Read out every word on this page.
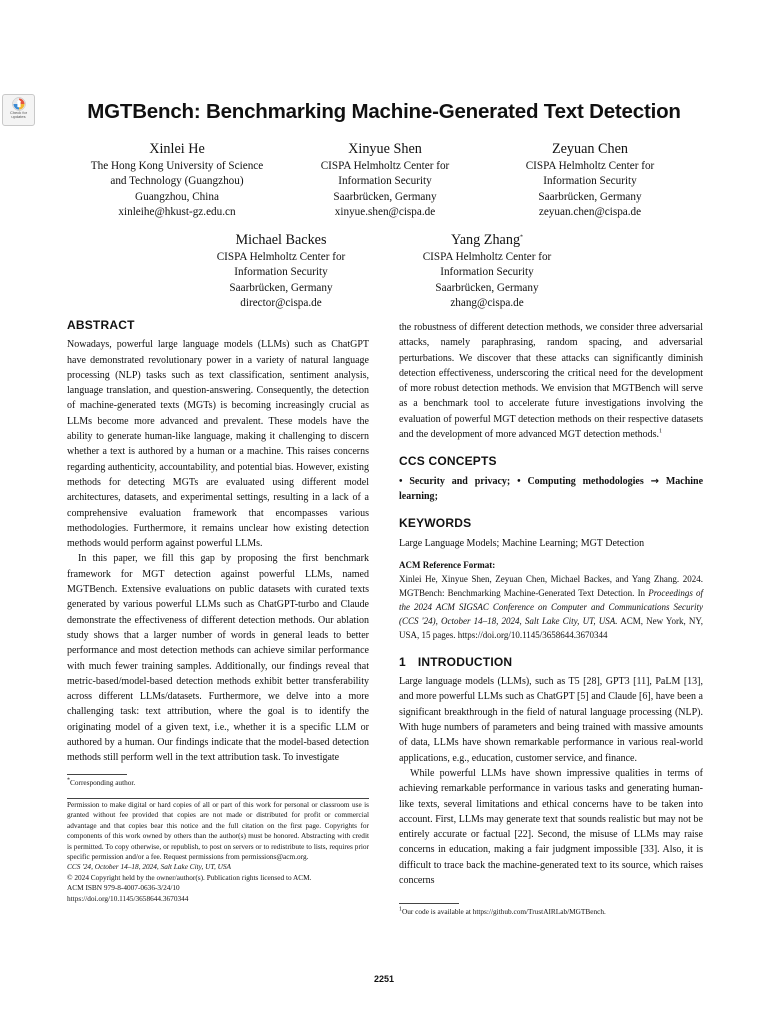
Check for
updates	MGTBench: Benchmarking Machine-Generated Text Detection
Xinlei He
The Hong Kong University of Science
and Technology (Guangzhou)
Guangzhou, China
xinleihe@hkust-gz.edu.cn
Xinyue Shen
CISPA Helmholtz Center for
Information Security
Saarbrücken, Germany
xinyue.shen@cispa.de
Zeyuan Chen
CISPA Helmholtz Center for
Information Security
Saarbrücken, Germany
zeyuan.chen@cispa.de
Michael Backes
CISPA Helmholtz Center for
Information Security
Saarbrücken, Germany
director@cispa.de
Yang Zhang*
CISPA Helmholtz Center for
Information Security
Saarbrücken, Germany
zhang@cispa.de
ABSTRACT

Nowadays, powerful large language models (LLMs) such as ChatGPT have demonstrated revolutionary power in a variety of natural language processing (NLP) tasks such as text classification, sentiment analysis, language translation, and question-answering. Consequently, the detection of machine-generated texts (MGTs) is becoming increasingly crucial as LLMs become more advanced and prevalent. These models have the ability to generate human-like language, making it challenging to discern whether a text is authored by a human or a machine. This raises concerns regarding authenticity, accountability, and potential bias. However, existing methods for detecting MGTs are evaluated using different model architectures, datasets, and experimental settings, resulting in a lack of a comprehensive evaluation framework that encompasses various methodologies. Furthermore, it remains unclear how existing detection methods would perform against powerful LLMs.

In this paper, we fill this gap by proposing the first benchmark framework for MGT detection against powerful LLMs, named MGTBench. Extensive evaluations on public datasets with curated texts generated by various powerful LLMs such as ChatGPT-turbo and Claude demonstrate the effectiveness of different detection methods. Our ablation study shows that a larger number of words in general leads to better performance and most detection methods can achieve similar performance with much fewer training samples. Additionally, our findings reveal that metric-based/model-based detection methods exhibit better transferability across different LLMs/datasets. Furthermore, we delve into a more challenging task: text attribution, where the goal is to identify the originating model of a given text, i.e., whether it is a specific LLM or authored by a human. Our findings indicate that the model-based detection methods still perform well in the text attribution task. To investigate

*Corresponding author.
Permission to make digital or hard copies of all or part of this work for personal or classroom use is granted without fee provided that copies are not made or distributed for profit or commercial advantage and that copies bear this notice and the full citation on the first page. Copyrights for components of this work owned by others than the author(s) must be honored. Abstracting with credit is permitted. To copy otherwise, or republish, to post on servers or to redistribute to lists, requires prior specific permission and/or a fee. Request permissions from permissions@acm.org.
CCS '24, October 14–18, 2024, Salt Lake City, UT, USA
© 2024 Copyright held by the owner/author(s). Publication rights licensed to ACM.
ACM ISBN 979-8-4007-0636-3/24/10
https://doi.org/10.1145/3658644.3670344

the robustness of different detection methods, we consider three adversarial attacks, namely paraphrasing, random spacing, and adversarial perturbations. We discover that these attacks can significantly diminish detection effectiveness, underscoring the critical need for the development of more robust detection methods. We envision that MGTBench will serve as a benchmark tool to accelerate future investigations involving the evaluation of powerful MGT detection methods on their respective datasets and the development of more advanced MGT detection methods.$^1$

CCS CONCEPTS

• Security and privacy; • Computing methodologies → Machine learning;

KEYWORDS

Large Language Models; Machine Learning; MGT Detection

ACM Reference Format:

Xinlei He, Xinyue Shen, Zeyuan Chen, Michael Backes, and Yang Zhang. 2024. MGTBench: Benchmarking Machine-Generated Text Detection. In Proceedings of the 2024 ACM SIGSAC Conference on Computer and Communications Security (CCS '24), October 14–18, 2024, Salt Lake City, UT, USA. ACM, New York, NY, USA, 15 pages. https://doi.org/10.1145/3658644.3670344

1 INTRODUCTION

Large language models (LLMs), such as T5 [28], GPT3 [11], PaLM [13], and more powerful LLMs such as ChatGPT [5] and Claude [6], have been a significant breakthrough in the field of natural language processing (NLP). With huge numbers of parameters and being trained with massive amounts of data, LLMs have shown remarkable performance in various real-world applications, e.g., education, customer service, and finance.

While powerful LLMs have shown impressive qualities in terms of achieving remarkable performance in various tasks and generating human-like texts, several limitations and ethical concerns have to be taken into account. First, LLMs may generate text that sounds realistic but may not be entirely accurate or factual [22]. Second, the misuse of LLMs may raise concerns in education, making a fair judgment impossible [33]. Also, it is difficult to trace back the machine-generated text to its source, which raises concerns

$^1$Our code is available at https://github.com/TrustAIRLab/MGTBench.
2251
